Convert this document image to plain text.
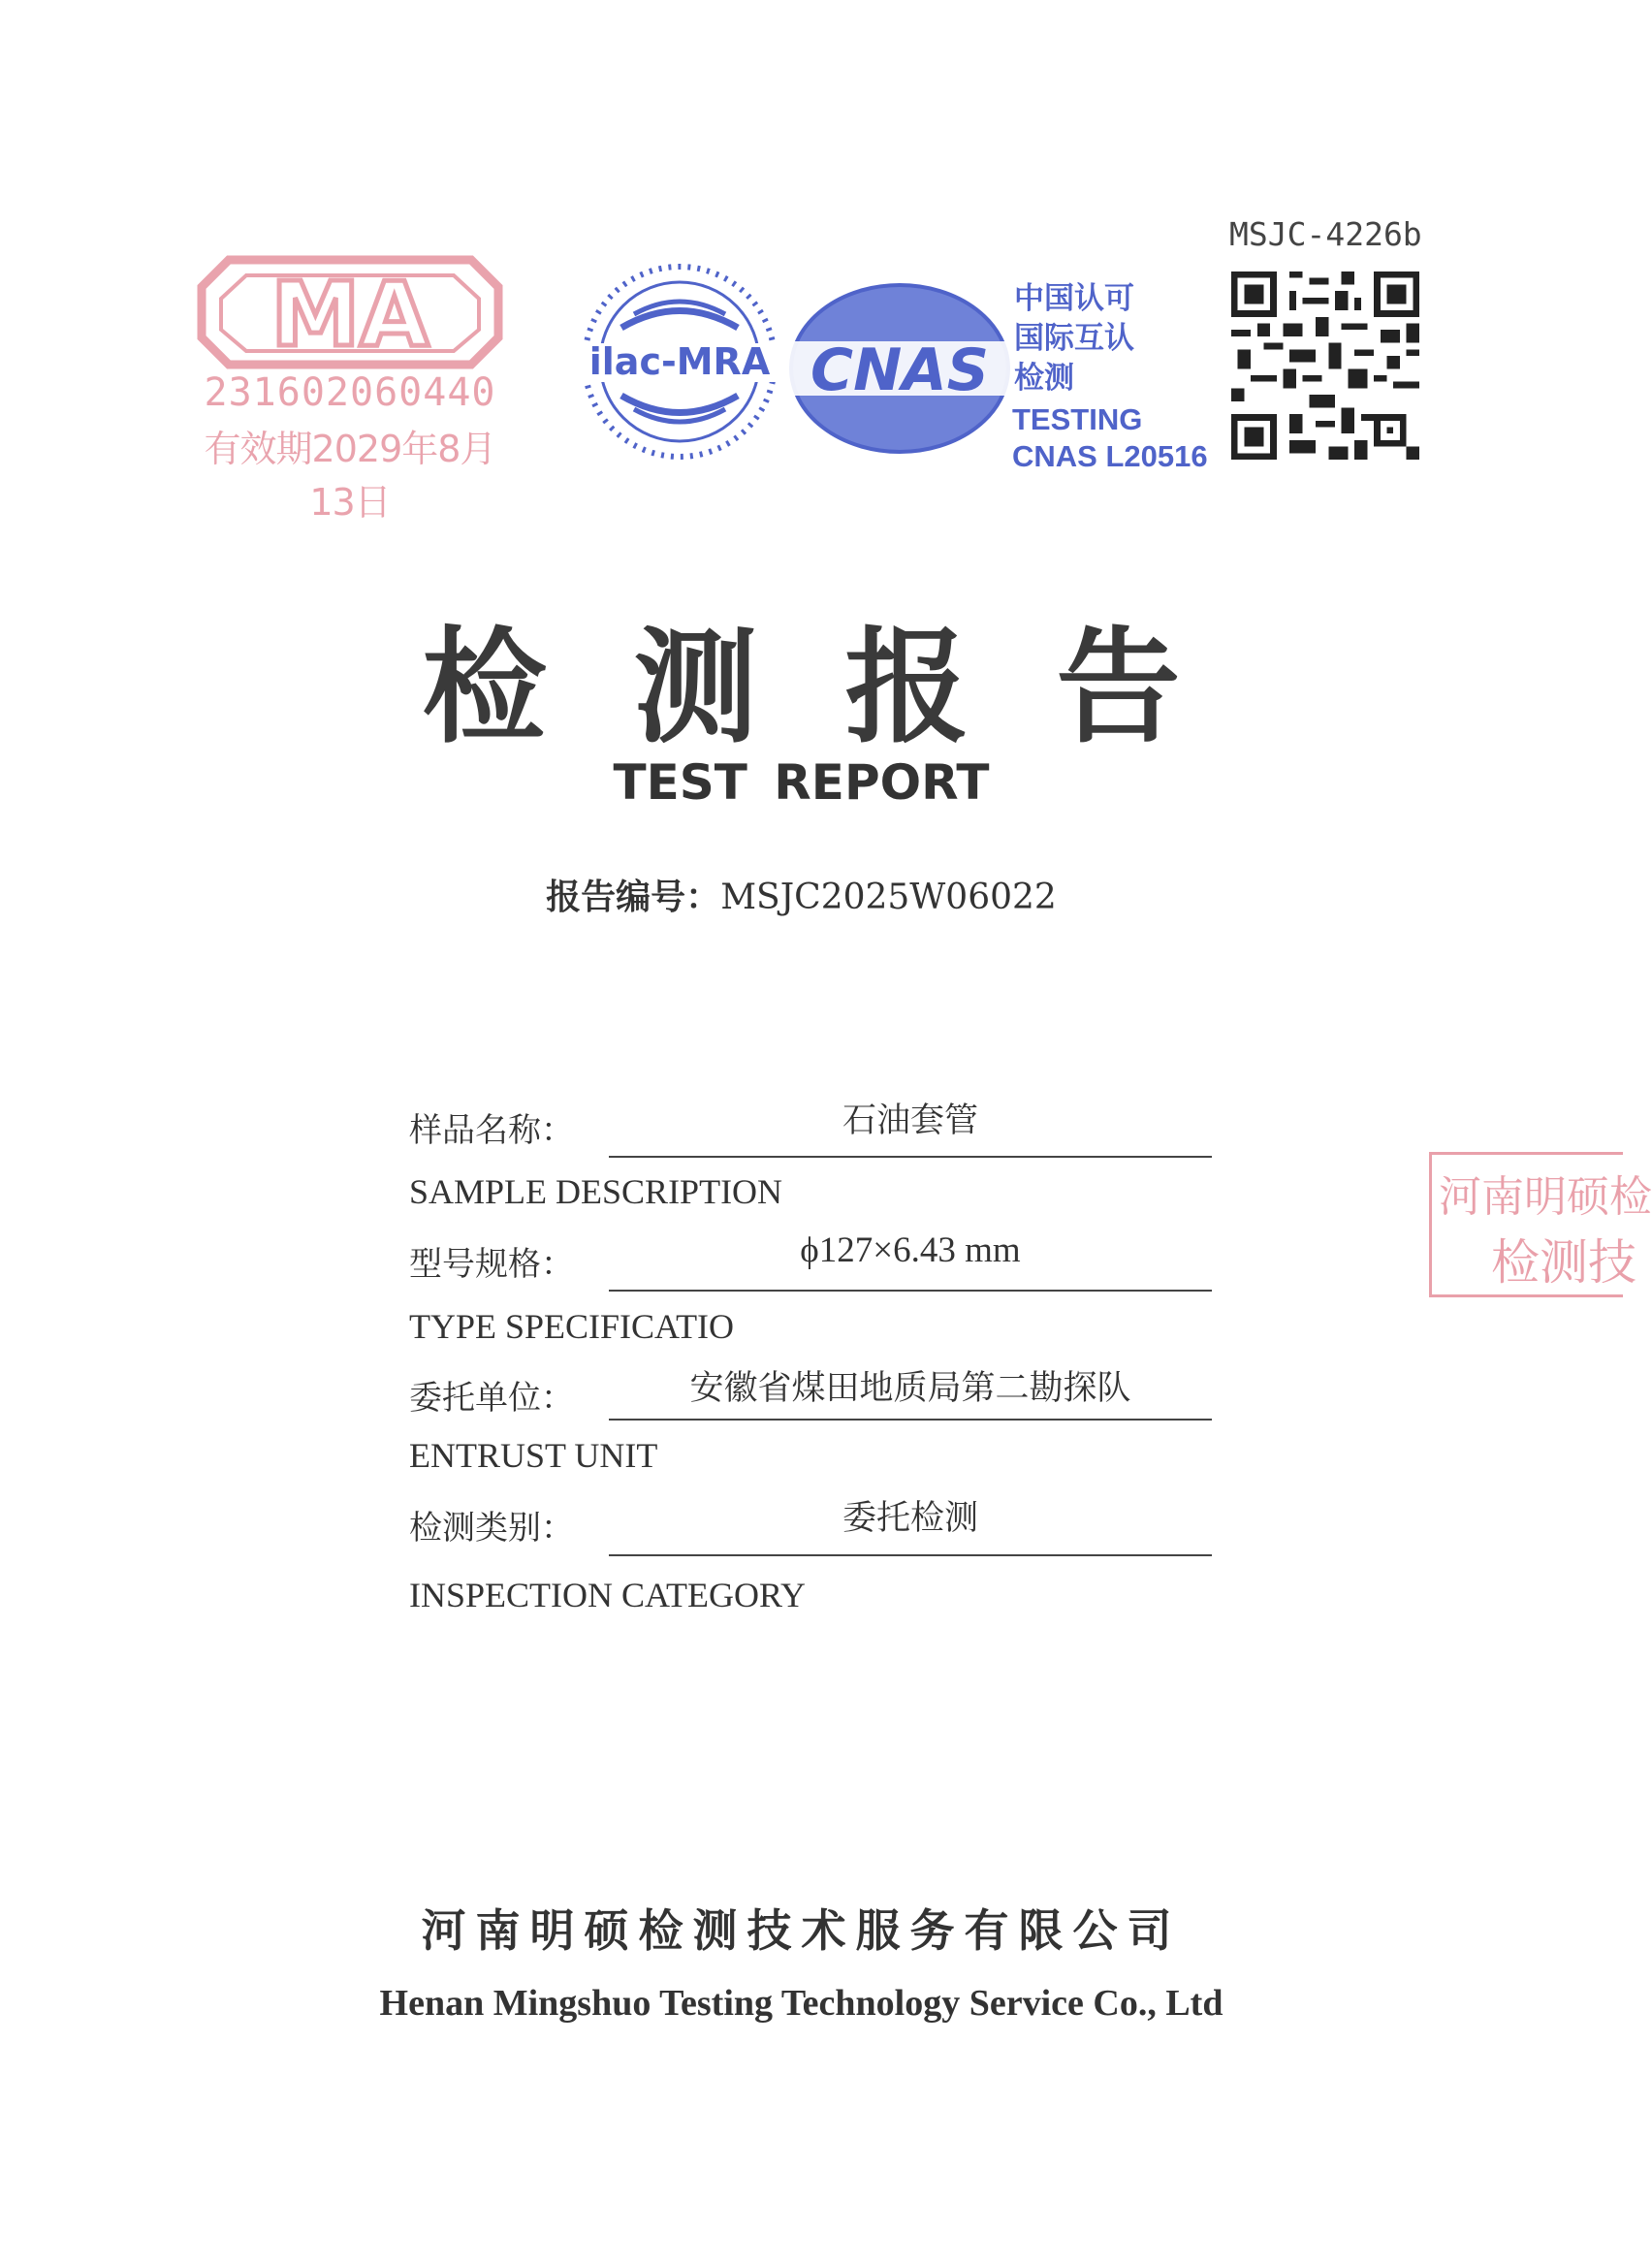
MA
231602060440
有效期2029年8月13日
ilac-MRA CNAS
中国认可
国际互认
检测
TESTING
CNAS L20516
MSJC-4226b
检测报告
TEST REPORT
报告编号：MSJC2025W06022
样品名称：	石油套管
SAMPLE DESCRIPTION
型号规格：	ϕ127×6.43 mm
TYPE SPECIFICATIO
委托单位：	安徽省煤田地质局第二勘探队
ENTRUST UNIT
检测类别：	委托检测
INSPECTION CATEGORY
河南明硕检
检测技
河南明硕检测技术服务有限公司
Henan Mingshuo Testing Technology Service Co., Ltd
